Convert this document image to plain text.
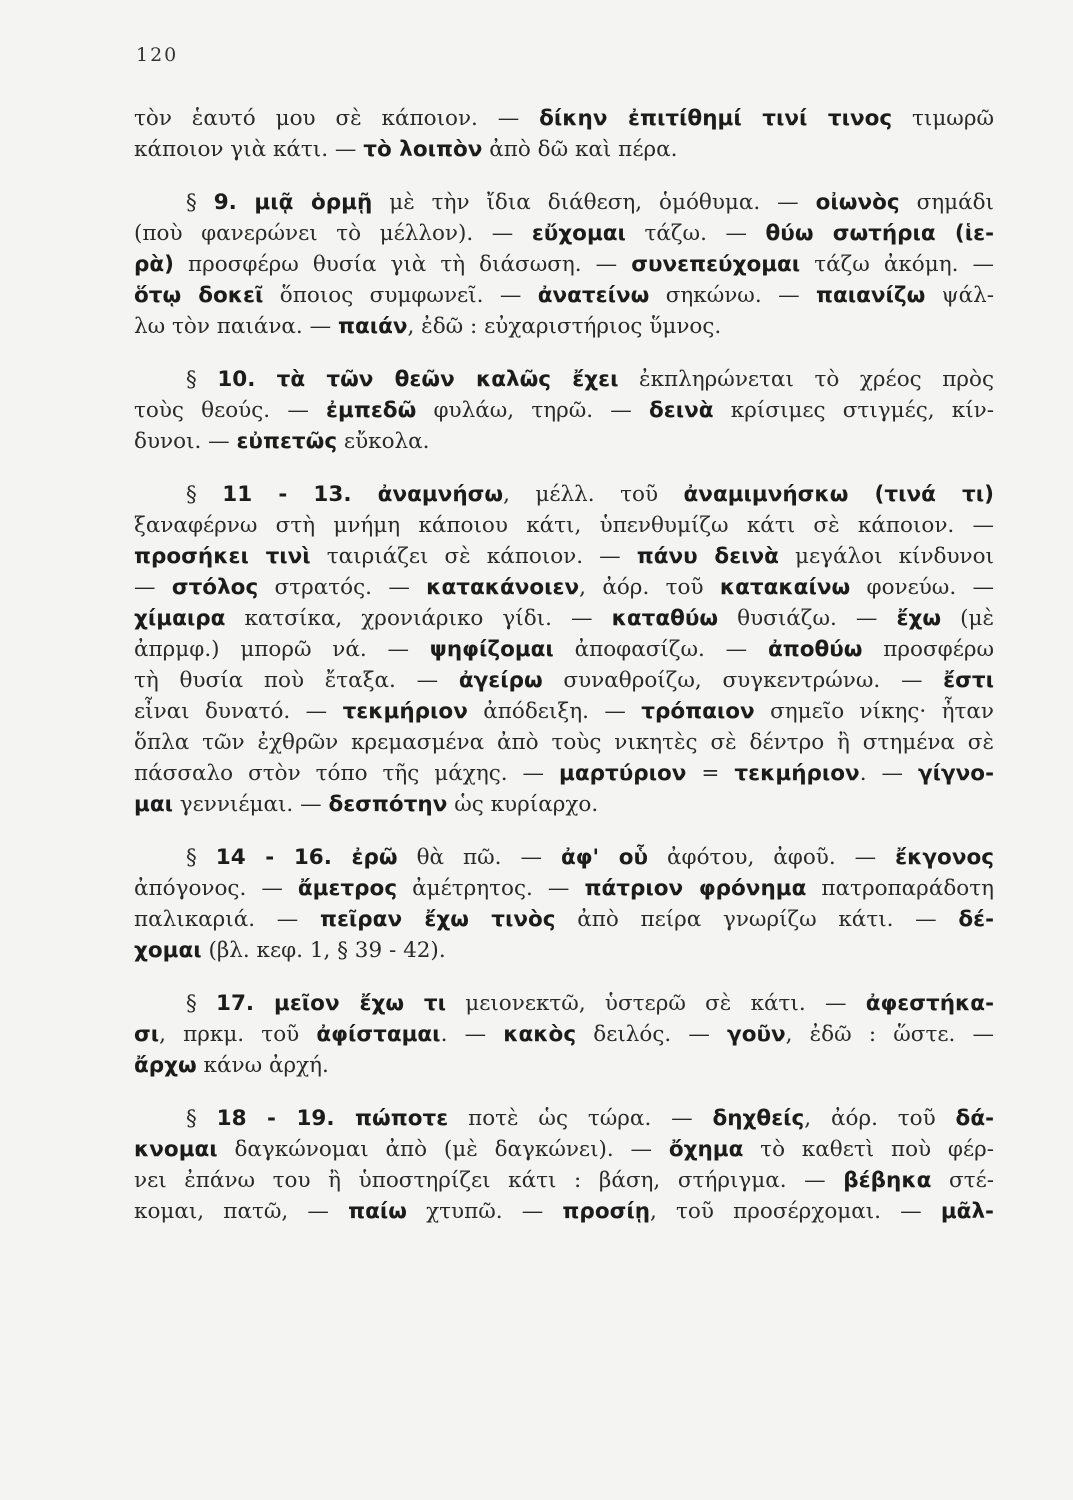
120
τὸν ἑαυτό μου σὲ κάποιον. — δίκην ἐπιτίθημί τινί τινος τιμωρῶ
κάποιον γιὰ κάτι. — τὸ λοιπὸν ἀπὸ δῶ καὶ πέρα.
§ 9. μιᾷ ὁρμῇ μὲ τὴν ἴδια διάθεση, ὁμόθυμα. — οἰωνὸς σημάδι
(ποὺ φανερώνει τὸ μέλλον). — εὔχομαι τάζω. — θύω σωτήρια (ἱε-
ρὰ) προσφέρω θυσία γιὰ τὴ διάσωση. — συνεπεύχομαι τάζω ἀκόμη. —
ὅτῳ δοκεῖ ὅποιος συμφωνεῖ. — ἀνατείνω σηκώνω. — παιανίζω ψάλ-
λω τὸν παιάνα. — παιάν, ἐδῶ : εὐχαριστήριος ὕμνος.
§ 10. τὰ τῶν θεῶν καλῶς ἔχει ἐκπληρώνεται τὸ χρέος πρὸς
τοὺς θεούς. — ἐμπεδῶ φυλάω, τηρῶ. — δεινὰ κρίσιμες στιγμές, κίν-
δυνοι. — εὐπετῶς εὔκολα.
§ 11 - 13. ἀναμνήσω, μέλλ. τοῦ ἀναμιμνήσκω (τινά τι)
ξαναφέρνω στὴ μνήμη κάποιου κάτι, ὑπενθυμίζω κάτι σὲ κάποιον. —
προσήκει τινὶ ταιριάζει σὲ κάποιον. — πάνυ δεινὰ μεγάλοι κίνδυνοι
— στόλος στρατός. — κατακάνοιεν, ἀόρ. τοῦ κατακαίνω φονεύω. —
χίμαιρα κατσίκα, χρονιάρικο γίδι. — καταθύω θυσιάζω. — ἔχω (μὲ
ἀπρμφ.) μπορῶ νά. — ψηφίζομαι ἀποφασίζω. — ἀποθύω προσφέρω
τὴ θυσία ποὺ ἔταξα. — ἀγείρω συναθροίζω, συγκεντρώνω. — ἔστι
εἶναι δυνατό. — τεκμήριον ἀπόδειξη. — τρόπαιον σημεῖο νίκης· ἦταν
ὅπλα τῶν ἐχθρῶν κρεμασμένα ἀπὸ τοὺς νικητὲς σὲ δέντρο ἢ στημένα σὲ
πάσσαλο στὸν τόπο τῆς μάχης. — μαρτύριον = τεκμήριον. — γίγνο-
μαι γεννιέμαι. — δεσπότην ὡς κυρίαρχο.
§ 14 - 16. ἐρῶ θὰ πῶ. — ἀφ' οὗ ἀφότου, ἀφοῦ. — ἔκγονος
ἀπόγονος. — ἄμετρος ἀμέτρητος. — πάτριον φρόνημα πατροπαράδοτη
παλικαριά. — πεῖραν ἔχω τινὸς ἀπὸ πείρα γνωρίζω κάτι. — δέ-
χομαι (βλ. κεφ. 1, § 39 - 42).
§ 17. μεῖον ἔχω τι μειονεκτῶ, ὑστερῶ σὲ κάτι. — ἀφεστήκα-
σι, πρκμ. τοῦ ἀφίσταμαι. — κακὸς δειλός. — γοῦν, ἐδῶ : ὥστε. —
ἄρχω κάνω ἀρχή.
§ 18 - 19. πώποτε ποτὲ ὡς τώρα. — δηχθείς, ἀόρ. τοῦ δά-
κνομαι δαγκώνομαι ἀπὸ (μὲ δαγκώνει). — ὄχημα τὸ καθετὶ ποὺ φέρ-
νει ἐπάνω του ἢ ὑποστηρίζει κάτι : βάση, στήριγμα. — βέβηκα στέ-
κομαι, πατῶ, — παίω χτυπῶ. — προσίῃ, τοῦ προσέρχομαι. — μᾶλ-
